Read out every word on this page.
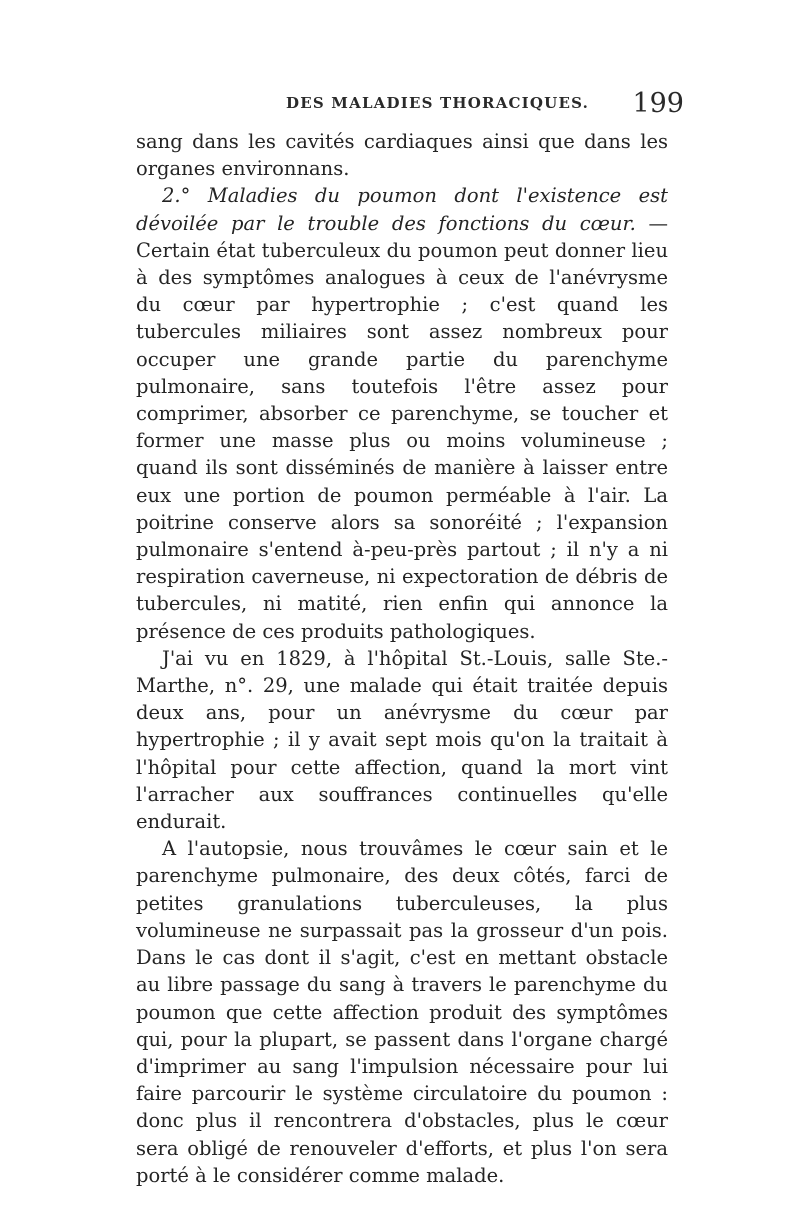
DES MALADIES THORACIQUES. 199

sang dans les cavités cardiaques ainsi que dans les organes environnans.

2.° Maladies du poumon dont l'existence est dévoilée par le trouble des fonctions du cœur. — Certain état tuberculeux du poumon peut donner lieu à des symptômes analogues à ceux de l'anévrysme du cœur par hypertrophie ; c'est quand les tubercules miliaires sont assez nombreux pour occuper une grande partie du parenchyme pulmonaire, sans toutefois l'être assez pour comprimer, absorber ce parenchyme, se toucher et former une masse plus ou moins volumineuse ; quand ils sont disséminés de manière à laisser entre eux une portion de poumon perméable à l'air. La poitrine conserve alors sa sonoréité ; l'expansion pulmonaire s'entend à-peu-près partout ; il n'y a ni respiration caverneuse, ni expectoration de débris de tubercules, ni matité, rien enfin qui annonce la présence de ces produits pathologiques.

J'ai vu en 1829, à l'hôpital St.-Louis, salle Ste.-Marthe, n°. 29, une malade qui était traitée depuis deux ans, pour un anévrysme du cœur par hypertrophie ; il y avait sept mois qu'on la traitait à l'hôpital pour cette affection, quand la mort vint l'arracher aux souffrances continuelles qu'elle endurait.

A l'autopsie, nous trouvâmes le cœur sain et le parenchyme pulmonaire, des deux côtés, farci de petites granulations tuberculeuses, la plus volumineuse ne surpassait pas la grosseur d'un pois. Dans le cas dont il s'agit, c'est en mettant obstacle au libre passage du sang à travers le parenchyme du poumon que cette affection produit des symptômes qui, pour la plupart, se passent dans l'organe chargé d'imprimer au sang l'impulsion nécessaire pour lui faire parcourir le système circulatoire du poumon : donc plus il rencontrera d'obstacles, plus le cœur sera obligé de renouveler d'efforts, et plus l'on sera porté à le considérer comme malade.
